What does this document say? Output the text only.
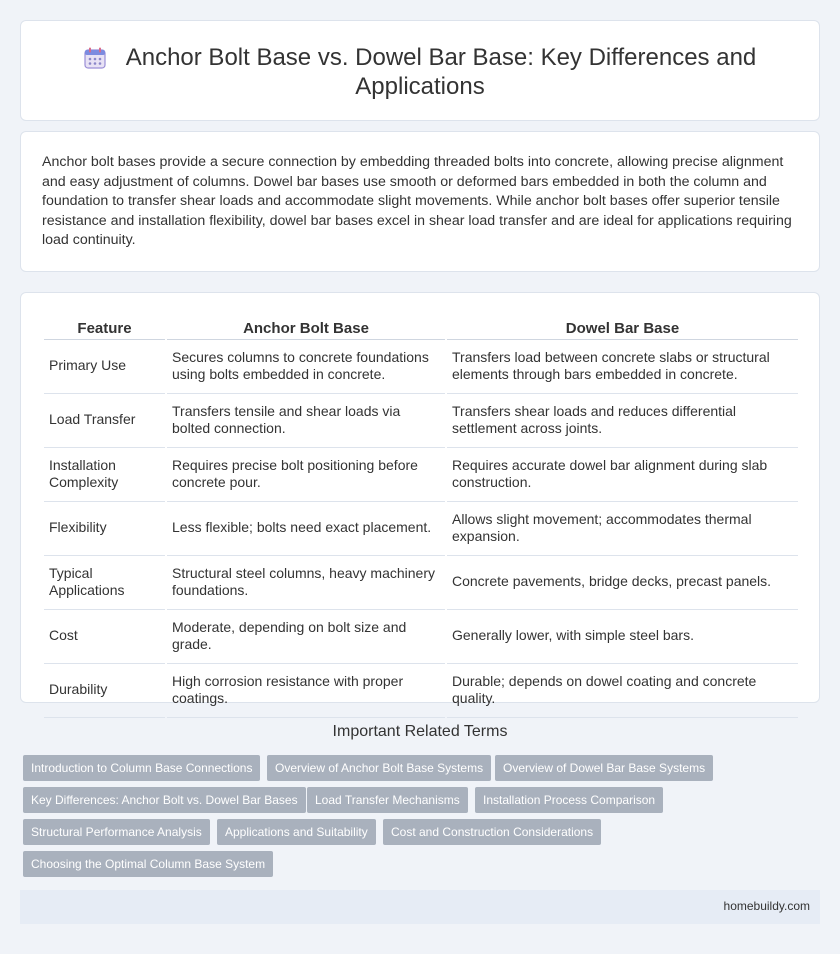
Anchor Bolt Base vs. Dowel Bar Base: Key Differences and Applications

Anchor bolt bases provide a secure connection by embedding threaded bolts into concrete, allowing precise alignment and easy adjustment of columns. Dowel bar bases use smooth or deformed bars embedded in both the column and foundation to transfer shear loads and accommodate slight movements. While anchor bolt bases offer superior tensile resistance and installation flexibility, dowel bar bases excel in shear load transfer and are ideal for applications requiring load continuity.

Feature	Anchor Bolt Base	Dowel Bar Base
Primary Use	Secures columns to concrete foundations using bolts embedded in concrete.	Transfers load between concrete slabs or structural elements through bars embedded in concrete.
Load Transfer	Transfers tensile and shear loads via bolted connection.	Transfers shear loads and reduces differential settlement across joints.
Installation Complexity	Requires precise bolt positioning before concrete pour.	Requires accurate dowel bar alignment during slab construction.
Flexibility	Less flexible; bolts need exact placement.	Allows slight movement; accommodates thermal expansion.
Typical Applications	Structural steel columns, heavy machinery foundations.	Concrete pavements, bridge decks, precast panels.
Cost	Moderate, depending on bolt size and grade.	Generally lower, with simple steel bars.
Durability	High corrosion resistance with proper coatings.	Durable; depends on dowel coating and concrete quality.
Important Related Terms
Introduction to Column Base Connections	Overview of Anchor Bolt Base Systems	Overview of Dowel Bar Base Systems
Key Differences: Anchor Bolt vs. Dowel Bar Bases	Load Transfer Mechanisms	Installation Process Comparison
Structural Performance Analysis	Applications and Suitability	Cost and Construction Considerations
Choosing the Optimal Column Base System
homebuildy.com
